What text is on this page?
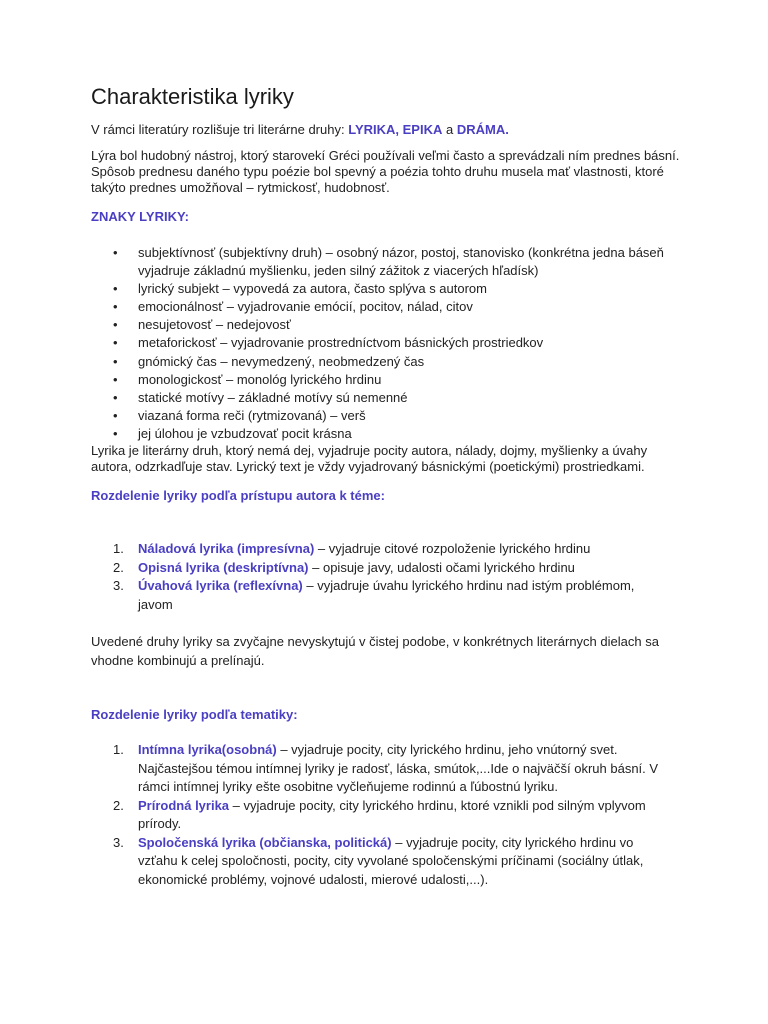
Charakteristika lyriky
V rámci literatúry rozlišuje tri literárne druhy: LYRIKA, EPIKA a DRÁMA.
Lýra bol hudobný nástroj, ktorý starovekí Gréci používali veľmi často a sprevádzali ním prednes básní. Spôsob prednesu daného typu poézie bol spevný a poézia tohto druhu musela mať vlastnosti, ktoré takýto prednes umožňoval – rytmickosť, hudobnosť.
ZNAKY LYRIKY:
• subjektívnosť (subjektívny druh) – osobný názor, postoj, stanovisko (konkrétna jedna báseň vyjadruje základnú myšlienku, jeden silný zážitok z viacerých hľadísk)
• lyrický subjekt – vypovedá za autora, často splýva s autorom
• emocionálnosť – vyjadrovanie emócií, pocitov, nálad, citov
• nesujetovosť – nedejovosť
• metaforickosť – vyjadrovanie prostredníctvom básnických prostriedkov
• gnómický čas – nevymedzený, neobmedzený čas
• monologickosť – monológ lyrického hrdinu
• statické motívy – základné motívy sú nemenné
• viazaná forma reči (rytmizovaná) – verš
• jej úlohou je vzbudzovať pocit krásna
Lyrika je literárny druh, ktorý nemá dej, vyjadruje pocity autora, nálady, dojmy, myšlienky a úvahy autora, odzrkadľuje stav. Lyrický text je vždy vyjadrovaný básnickými (poetickými) prostriedkami.
Rozdelenie lyriky podľa prístupu autora k téme:
1. Náladová lyrika (impresívna) – vyjadruje citové rozpoloženie lyrického hrdinu
2. Opisná lyrika (deskriptívna) – opisuje javy, udalosti očami lyrického hrdinu
3. Úvahová lyrika (reflexívna) – vyjadruje úvahu lyrického hrdinu nad istým problémom, javom
Uvedené druhy lyriky sa zvyčajne nevyskytujú v čistej podobe, v konkrétnych literárnych dielach sa vhodne kombinujú a prelínajú.
Rozdelenie lyriky podľa tematiky:
1. Intímna lyrika(osobná) – vyjadruje pocity, city lyrického hrdinu, jeho vnútorný svet. Najčastejšou témou intímnej lyriky je radosť, láska, smútok,...Ide o najväčší okruh básní. V rámci intímnej lyriky ešte osobitne vyčleňujeme rodinnú a ľúbostnú lyriku.
2. Prírodná lyrika – vyjadruje pocity, city lyrického hrdinu, ktoré vznikli pod silným vplyvom prírody.
3. Spoločenská lyrika (občianska, politická) – vyjadruje pocity, city lyrického hrdinu vo vzťahu k celej spoločnosti, pocity, city vyvolané spoločenskými príčinami (sociálny útlak, ekonomické problémy, vojnové udalosti, mierové udalosti,...).
